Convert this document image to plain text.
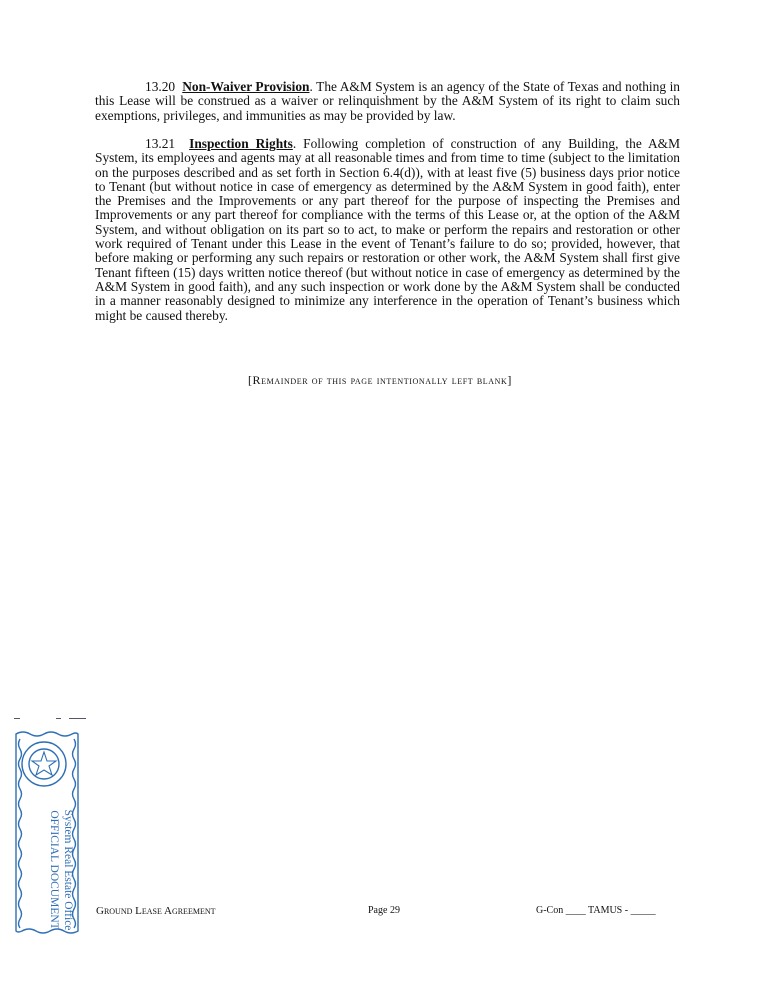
13.20 Non-Waiver Provision. The A&M System is an agency of the State of Texas and nothing in this Lease will be construed as a waiver or relinquishment by the A&M System of its right to claim such exemptions, privileges, and immunities as may be provided by law.

13.21 Inspection Rights. Following completion of construction of any Building, the A&M System, its employees and agents may at all reasonable times and from time to time (subject to the limitation on the purposes described and as set forth in Section 6.4(d)), with at least five (5) business days prior notice to Tenant (but without notice in case of emergency as determined by the A&M System in good faith), enter the Premises and the Improvements or any part thereof for the purpose of inspecting the Premises and Improvements or any part thereof for compliance with the terms of this Lease or, at the option of the A&M System, and without obligation on its part so to act, to make or perform the repairs and restoration or other work required of Tenant under this Lease in the event of Tenant’s failure to do so; provided, however, that before making or performing any such repairs or restoration or other work, the A&M System shall first give Tenant fifteen (15) days written notice thereof (but without notice in case of emergency as determined by the A&M System in good faith), and any such inspection or work done by the A&M System shall be conducted in a manner reasonably designed to minimize any interference in the operation of Tenant’s business which might be caused thereby.

[Remainder of this page intentionally left blank]
System Real Estate Office
OFFICIAL DOCUMENT	Ground Lease Agreement	Page 29	G-Con ____ TAMUS - _____
